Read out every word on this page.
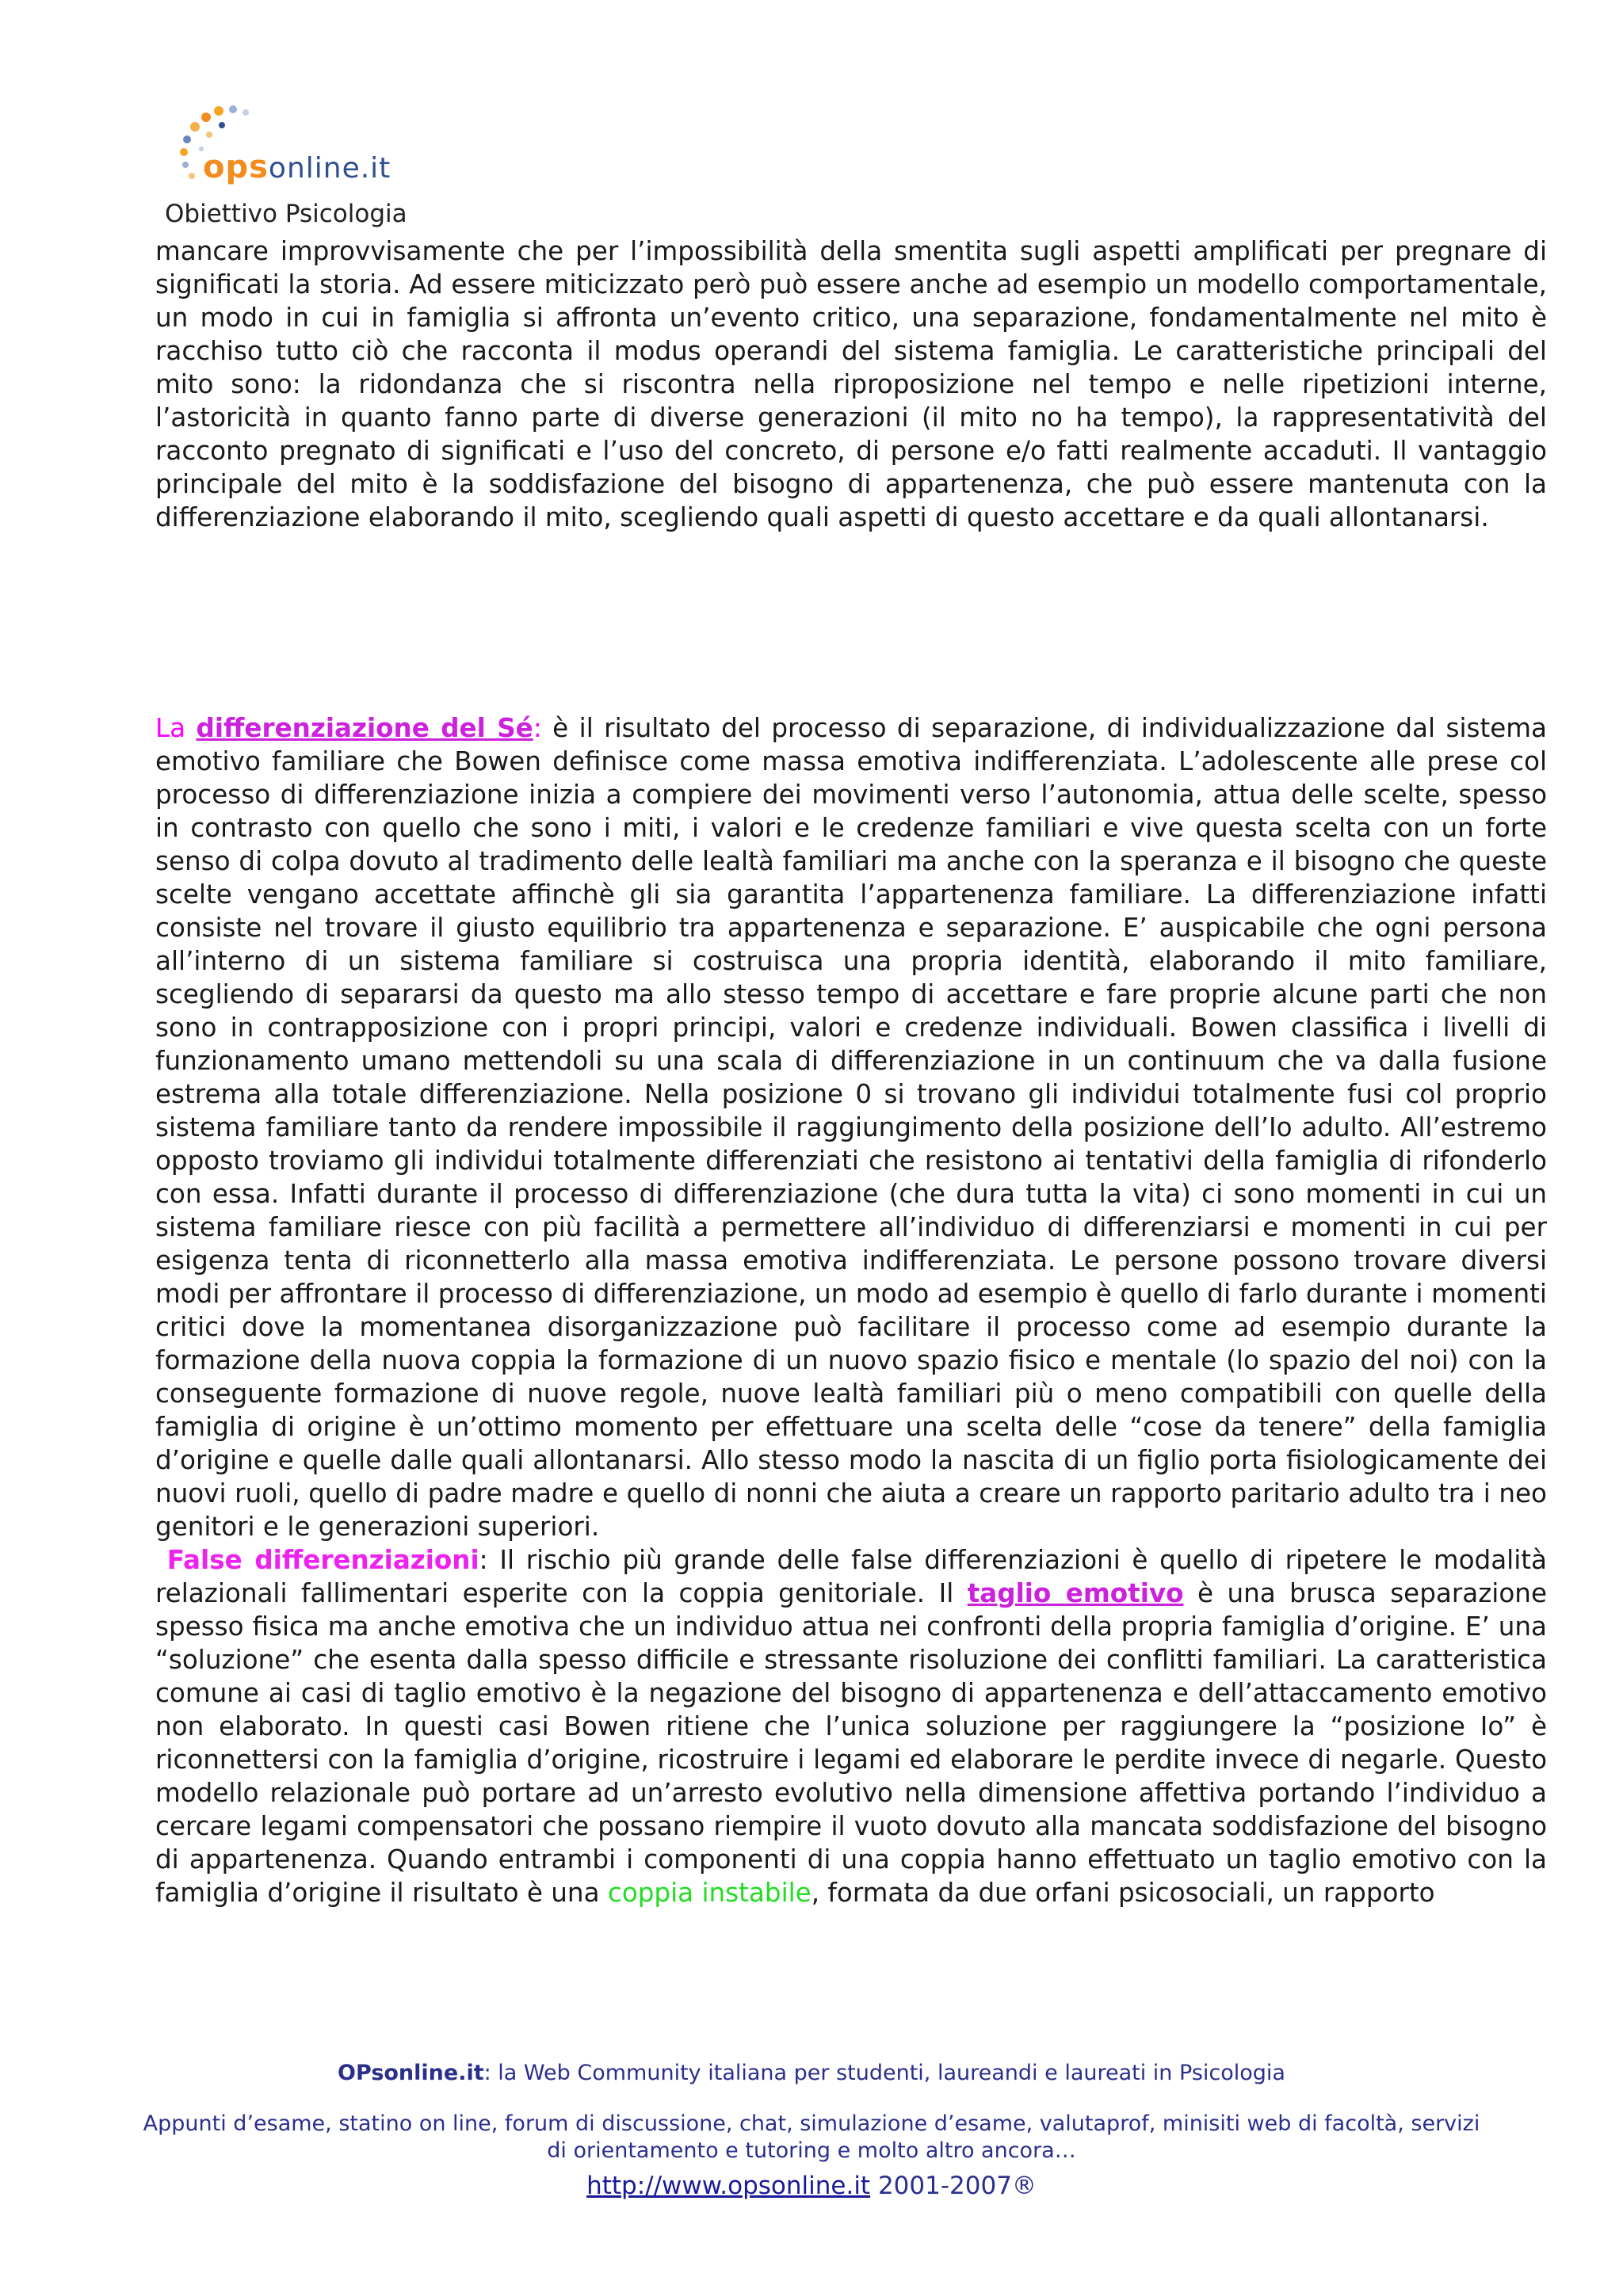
opsonline.it
Obiettivo Psicologia

mancare improvvisamente che per l’impossibilità della smentita sugli aspetti amplificati per pregnare di significati la storia. Ad essere miticizzato però può essere anche ad esempio un modello comportamentale, un modo in cui in famiglia si affronta un’evento critico, una separazione, fondamentalmente nel mito è racchiso tutto ciò che racconta il modus operandi del sistema famiglia. Le caratteristiche principali del mito sono: la ridondanza che si riscontra nella riproposizione nel tempo e nelle ripetizioni interne, l’astoricità in quanto fanno parte di diverse generazioni (il mito no ha tempo), la rappresentatività del racconto pregnato di significati e l’uso del concreto, di persone e/o fatti realmente accaduti. Il vantaggio principale del mito è la soddisfazione del bisogno di appartenenza, che può essere mantenuta con la differenziazione elaborando il mito, scegliendo quali aspetti di questo accettare e da quali allontanarsi.

La differenziazione del Sé: è il risultato del processo di separazione, di individualizzazione dal sistema emotivo familiare che Bowen definisce come massa emotiva indifferenziata. L’adolescente alle prese col processo di differenziazione inizia a compiere dei movimenti verso l’autonomia, attua delle scelte, spesso in contrasto con quello che sono i miti, i valori e le credenze familiari e vive questa scelta con un forte senso di colpa dovuto al tradimento delle lealtà familiari ma anche con la speranza e il bisogno che queste scelte vengano accettate affinchè gli sia garantita l’appartenenza familiare. La differenziazione infatti consiste nel trovare il giusto equilibrio tra appartenenza e separazione. E’ auspicabile che ogni persona all’interno di un sistema familiare si costruisca una propria identità, elaborando il mito familiare, scegliendo di separarsi da questo ma allo stesso tempo di accettare e fare proprie alcune parti che non sono in contrapposizione con i propri principi, valori e credenze individuali. Bowen classifica i livelli di funzionamento umano mettendoli su una scala di differenziazione in un continuum che va dalla fusione estrema alla totale differenziazione. Nella posizione 0 si trovano gli individui totalmente fusi col proprio sistema familiare tanto da rendere impossibile il raggiungimento della posizione dell’Io adulto. All’estremo opposto troviamo gli individui totalmente differenziati che resistono ai tentativi della famiglia di rifonderlo con essa. Infatti durante il processo di differenziazione (che dura tutta la vita) ci sono momenti in cui un sistema familiare riesce con più facilità a permettere all’individuo di differenziarsi e momenti in cui per esigenza tenta di riconnetterlo alla massa emotiva indifferenziata. Le persone possono trovare diversi modi per affrontare il processo di differenziazione, un modo ad esempio è quello di farlo durante i momenti critici dove la momentanea disorganizzazione può facilitare il processo come ad esempio durante la formazione della nuova coppia la formazione di un nuovo spazio fisico e mentale (lo spazio del noi) con la conseguente formazione di nuove regole, nuove lealtà familiari più o meno compatibili con quelle della famiglia di origine è un’ottimo momento per effettuare una scelta delle “cose da tenere” della famiglia d’origine e quelle dalle quali allontanarsi. Allo stesso modo la nascita di un figlio porta fisiologicamente dei nuovi ruoli, quello di padre madre e quello di nonni che aiuta a creare un rapporto paritario adulto tra i neo genitori e le generazioni superiori.

False differenziazioni: Il rischio più grande delle false differenziazioni è quello di ripetere le modalità relazionali fallimentari esperite con la coppia genitoriale. Il taglio emotivo è una brusca separazione spesso fisica ma anche emotiva che un individuo attua nei confronti della propria famiglia d’origine. E’ una “soluzione” che esenta dalla spesso difficile e stressante risoluzione dei conflitti familiari. La caratteristica comune ai casi di taglio emotivo è la negazione del bisogno di appartenenza e dell’attaccamento emotivo non elaborato. In questi casi Bowen ritiene che l’unica soluzione per raggiungere la “posizione Io” è riconnettersi con la famiglia d’origine, ricostruire i legami ed elaborare le perdite invece di negarle. Questo modello relazionale può portare ad un’arresto evolutivo nella dimensione affettiva portando l’individuo a cercare legami compensatori che possano riempire il vuoto dovuto alla mancata soddisfazione del bisogno di appartenenza. Quando entrambi i componenti di una coppia hanno effettuato un taglio emotivo con la famiglia d’origine il risultato è una coppia instabile, formata da due orfani psicosociali, un rapporto

OPsonline.it: la Web Community italiana per studenti, laureandi e laureati in Psicologia
Appunti d’esame, statino on line, forum di discussione, chat, simulazione d’esame, valutaprof, minisiti web di facoltà, servizi
di orientamento e tutoring e molto altro ancora…
http://www.opsonline.it 2001-2007®
